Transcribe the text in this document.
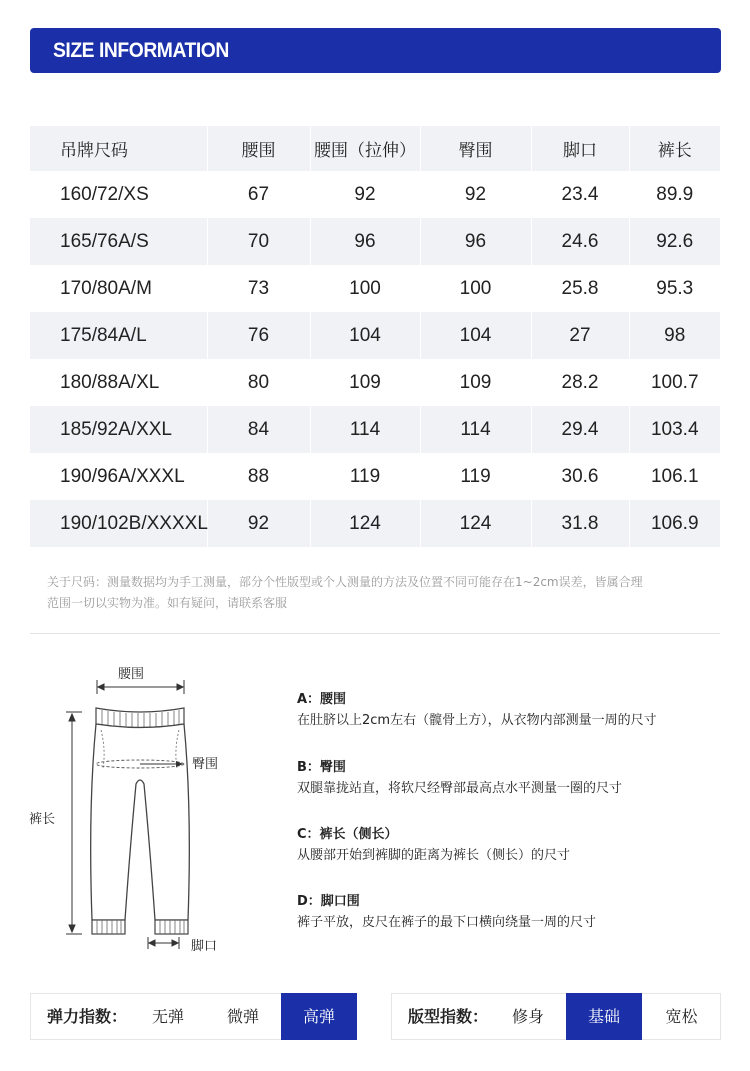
SIZE INFORMATION
吊牌尺码	腰围	腰围（拉伸）	臀围	脚口	裤长
160/72/XS	67	92	92	23.4	89.9
165/76A/S	70	96	96	24.6	92.6
170/80A/M	73	100	100	25.8	95.3
175/84A/L	76	104	104	27	98
180/88A/XL	80	109	109	28.2	100.7
185/92A/XXL	84	114	114	29.4	103.4
190/96A/XXXL	88	119	119	30.6	106.1
190/102B/XXXXL	92	124	124	31.8	106.9
关于尺码：测量数据均为手工测量，部分个性版型或个人测量的方法及位置不同可能存在1~2cm误差，皆属合理
范围一切以实物为准。如有疑问，请联系客服
腰围
臀围
裤长
脚口
A：腰围
在肚脐以上2cm左右（髋骨上方），从衣物内部测量一周的尺寸
B：臀围
双腿靠拢站直，将软尺经臀部最高点水平测量一圈的尺寸
C：裤长（侧长）
从腰部开始到裤脚的距离为裤长（侧长）的尺寸
D：脚口围
裤子平放，皮尺在裤子的最下口横向绕量一周的尺寸
弹力指数：	无弹	微弹	高弹	版型指数：	修身	基础	宽松
